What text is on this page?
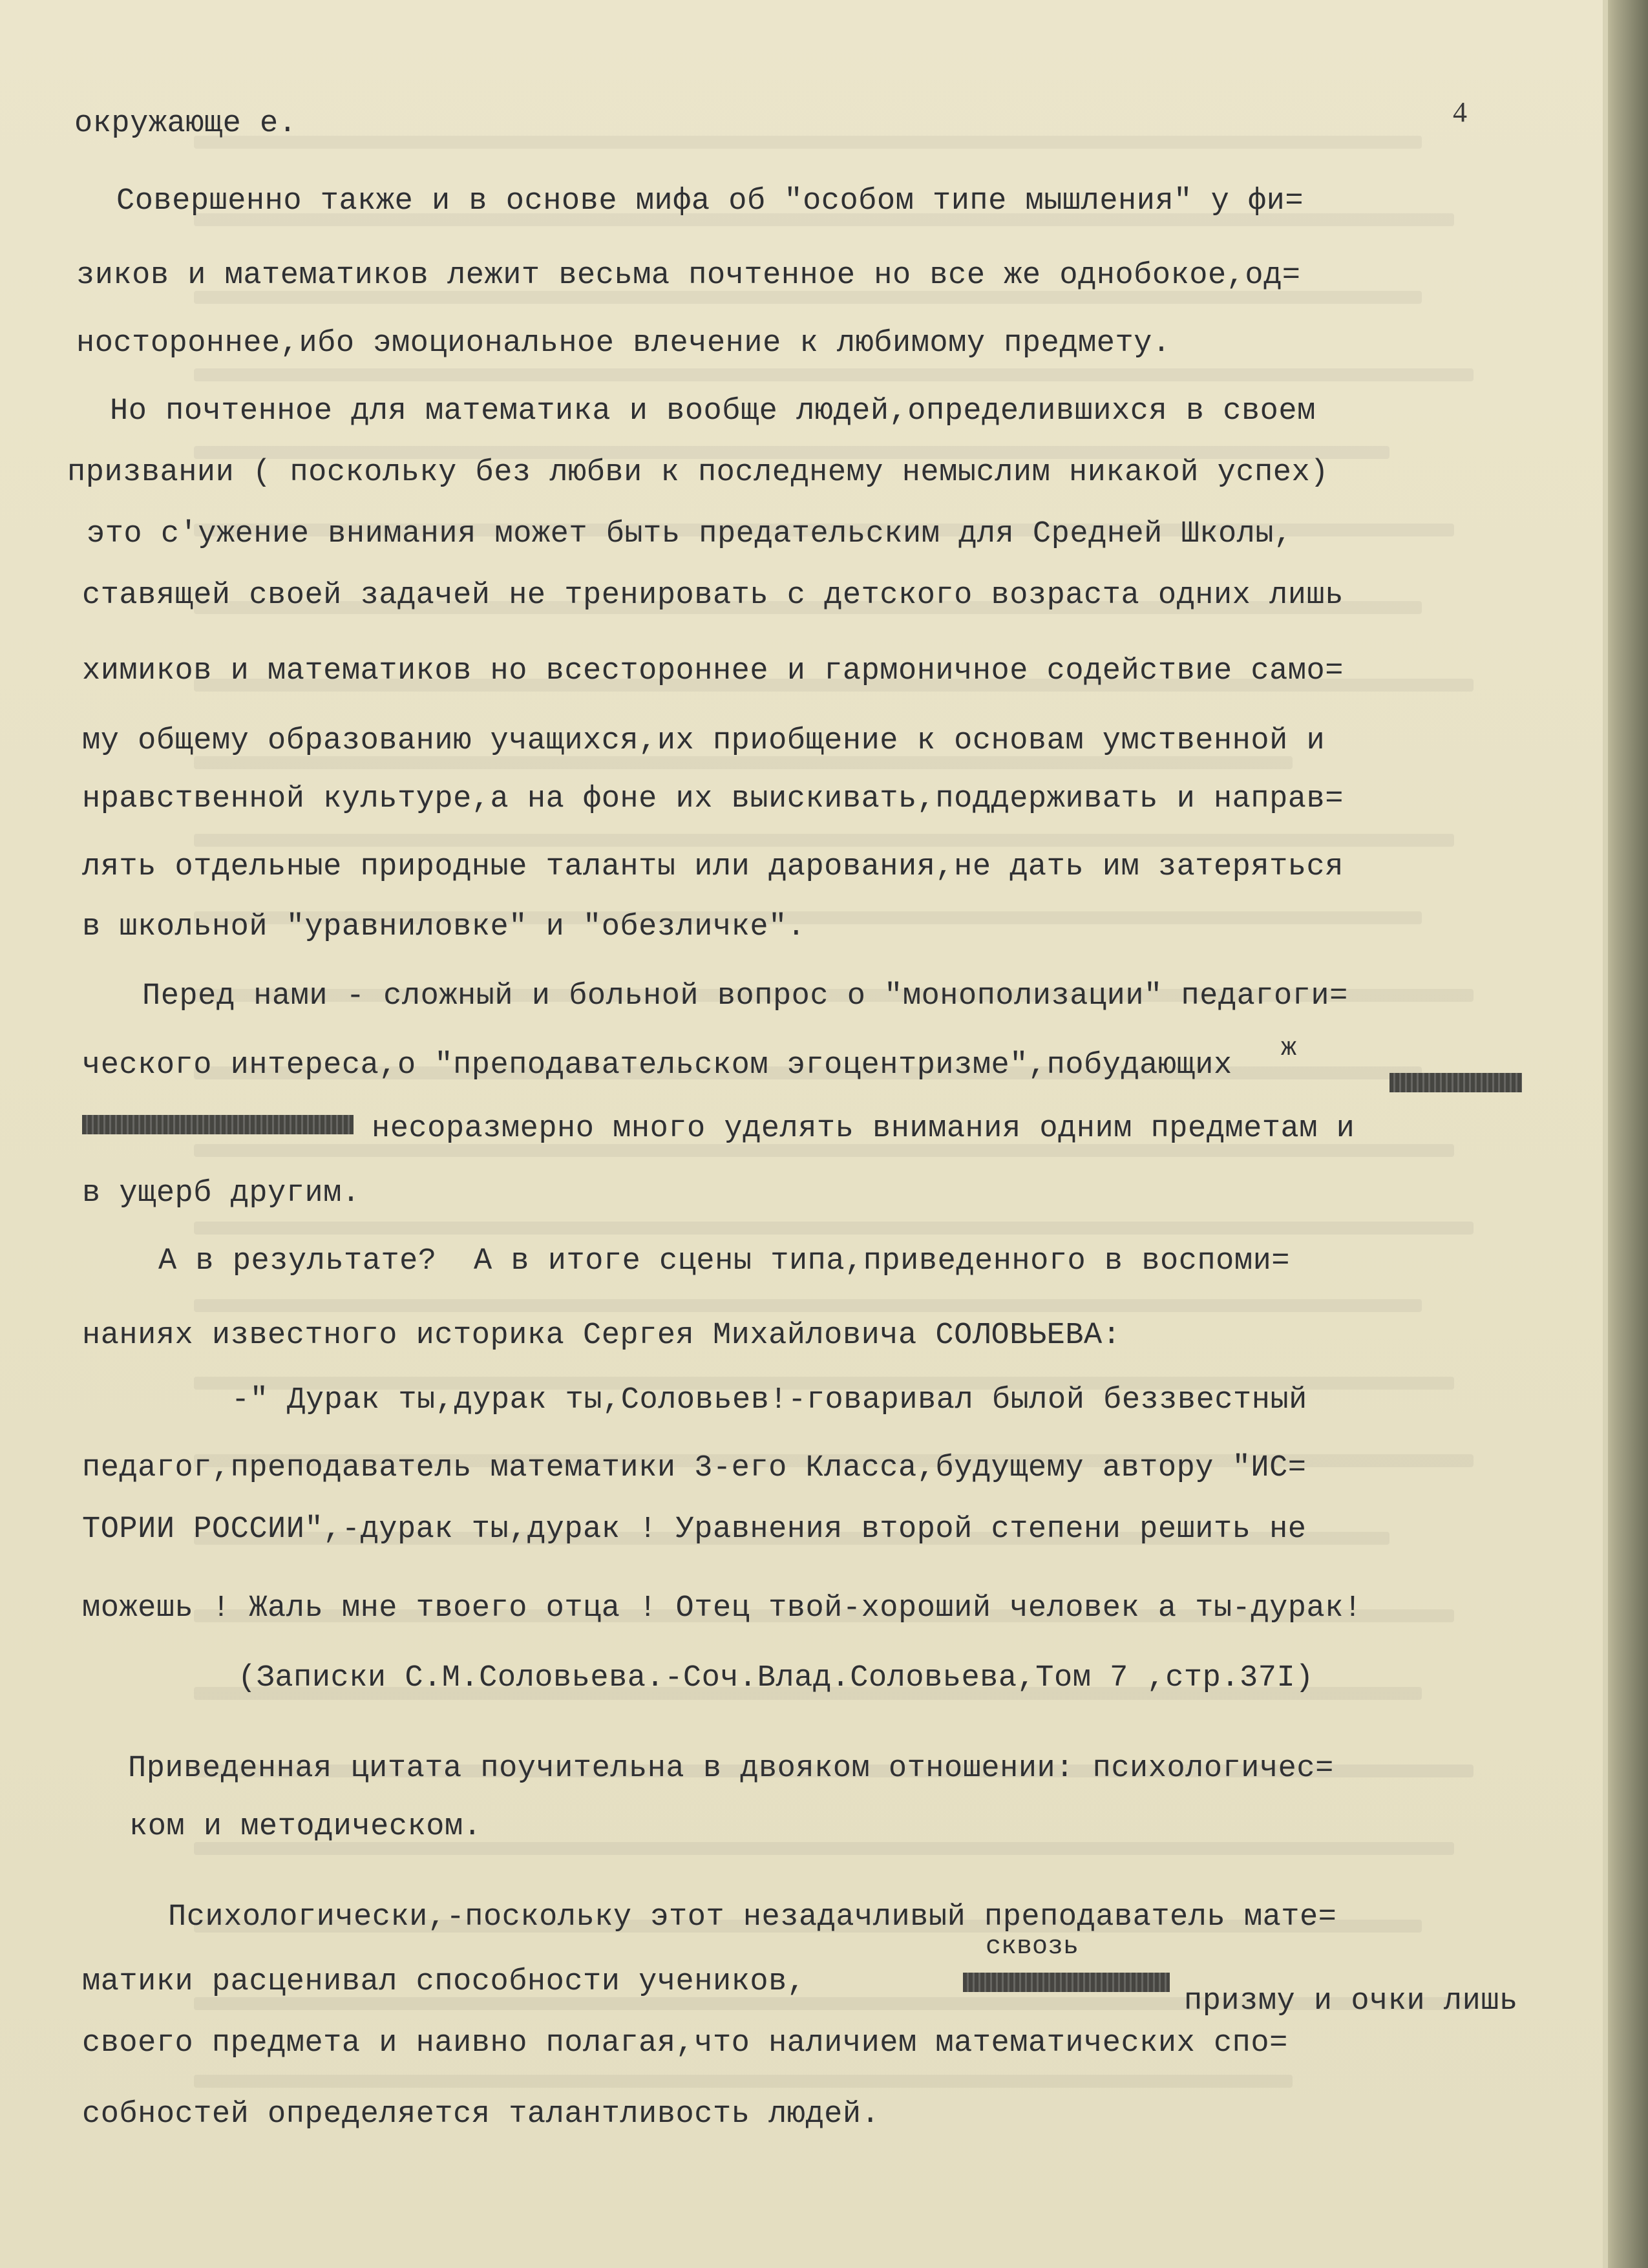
4
окружающе е.
Совершенно также и в основе мифа об "особом типе мышления" у фи=
зиков и математиков лежит весьма почтенное но все же однобокое,од=
ностороннее,ибо эмоциональное влечение к любимому предмету.
Но почтенное для математика и вообще людей,определившихся в своем
призвании ( поскольку без любви к последнему немыслим никакой успех)
это с'ужение внимания может быть предательским для Средней Школы,
ставящей своей задачей не тренировать с детского возраста одних лишь
химиков и математиков но всестороннее и гармоничное содействие само=
му общему образованию учащихся,их приобщение к основам умственной и
нравственной культуре,а на фоне их выискивать,поддерживать и направ=
лять отдельные природные таланты или дарования,не дать им затеряться
в школьной "уравниловке" и "обезличке".
Перед нами - сложный и больной вопрос о "монополизации" педагоги=
ж
ческого интереса,о "преподавательском эгоцентризме",побудающих
несоразмерно много уделять внимания одним предметам и
в ущерб другим.
А в результате?  А в итоге сцены типа,приведенного в воспоми=
наниях известного историка Сергея Михайловича СОЛОВЬЕВА:
-" Дурак ты,дурак ты,Соловьев!-говаривал былой беззвестный
педагог,преподаватель математики 3-его Класса,будущему автору "ИС=
ТОРИИ РОССИИ",-дурак ты,дурак ! Уравнения второй степени решить не
можешь ! Жаль мне твоего отца ! Отец твой-хороший человек а ты-дурак!
(Записки С.М.Соловьева.-Соч.Влад.Соловьева,Том 7 ,стр.37I)
Приведенная цитата поучительна в двояком отношении: психологичес=
ком и методическом.
Психологически,-поскольку этот незадачливый преподаватель мате=
сквозь
матики расценивал способности учеников,
призму и очки лишь
своего предмета и наивно полагая,что наличием математических спо=
собностей определяется талантливость людей.
